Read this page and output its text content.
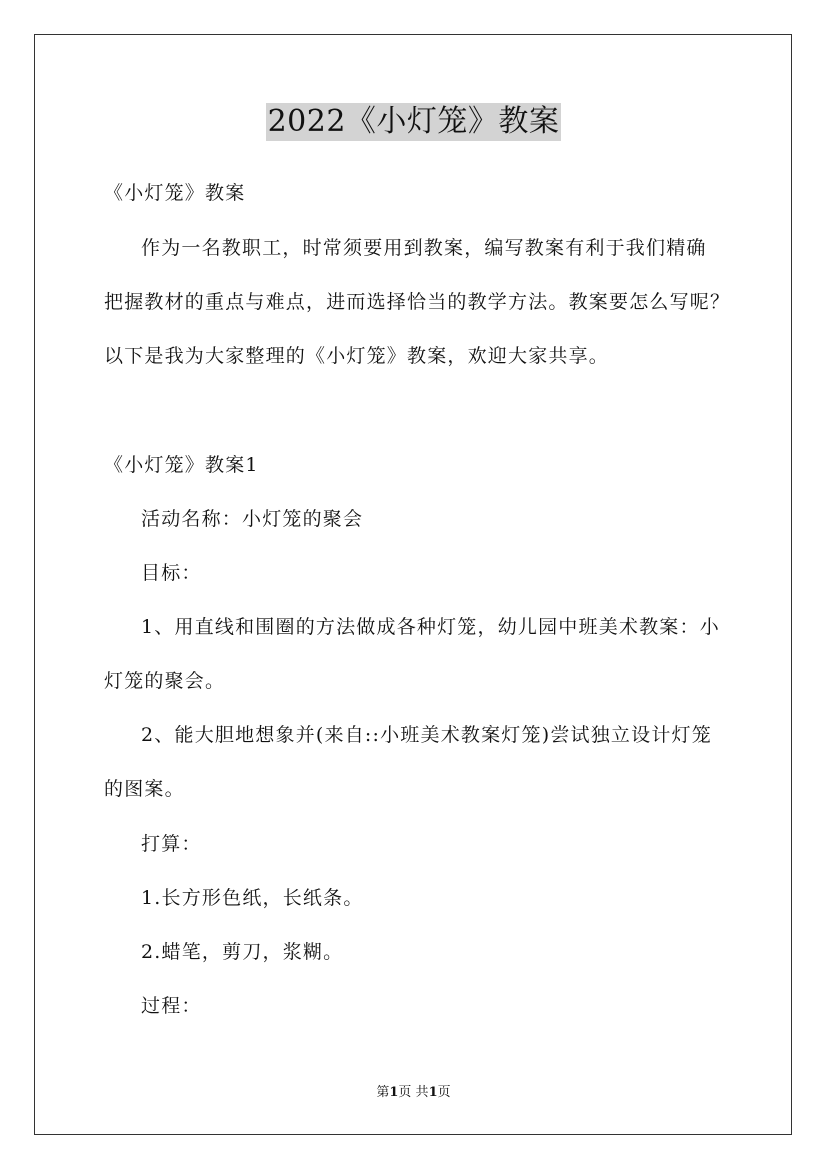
2022《小灯笼》教案
《小灯笼》教案
作为一名教职工，时常须要用到教案，编写教案有利于我们精确
把握教材的重点与难点，进而选择恰当的教学方法。教案要怎么写呢？
以下是我为大家整理的《小灯笼》教案，欢迎大家共享。
《小灯笼》教案1
活动名称：小灯笼的聚会
目标：
1、用直线和围圈的方法做成各种灯笼，幼儿园中班美术教案：小
灯笼的聚会。
2、能大胆地想象并(来自::小班美术教案灯笼)尝试独立设计灯笼
的图案。
打算：
1.长方形色纸，长纸条。
2.蜡笔，剪刀，浆糊。
过程：
第1页 共1页
